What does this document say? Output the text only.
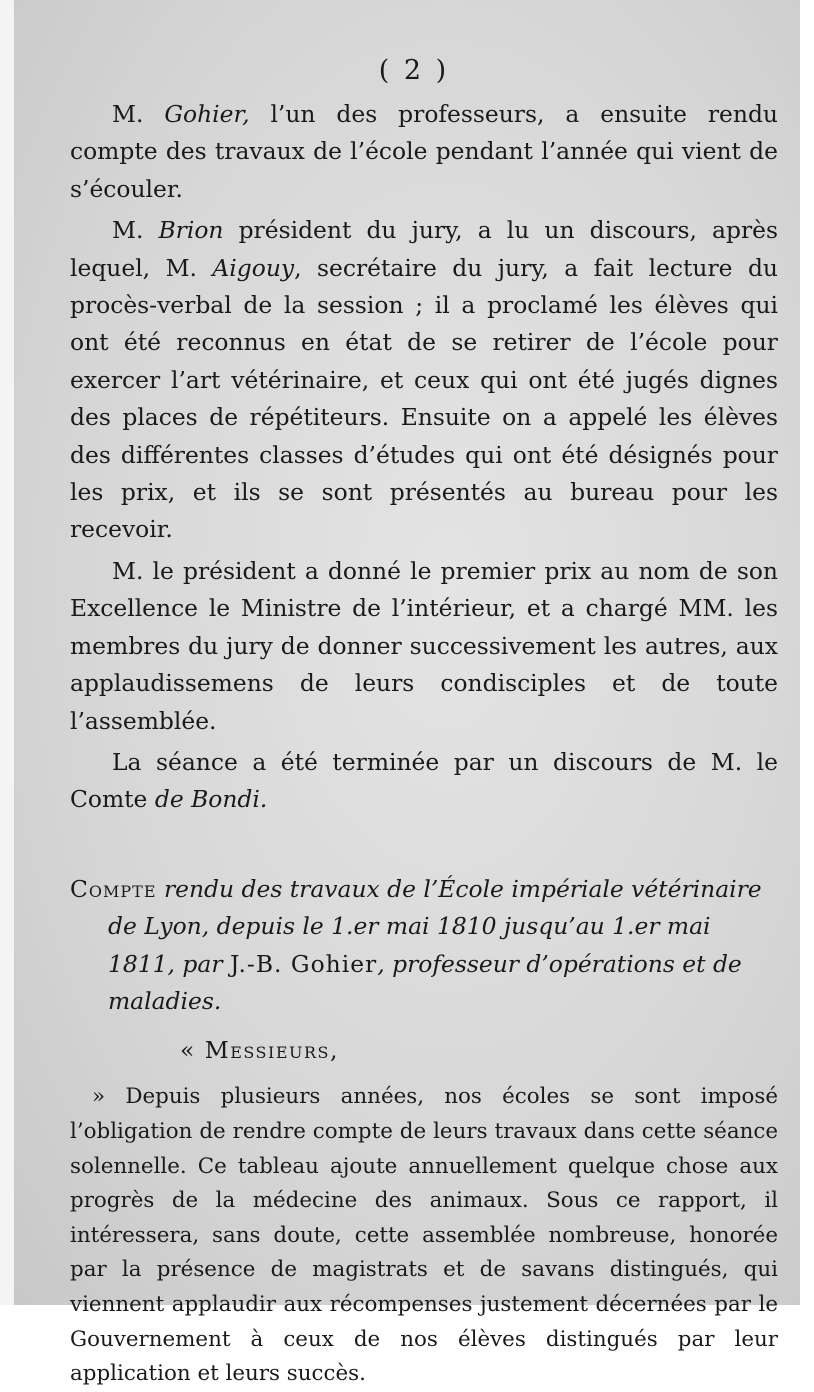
( 2 )

M. Gohier, l’un des professeurs, a ensuite rendu compte des travaux de l’école pendant l’année qui vient de s’écouler.

M. Brion président du jury, a lu un discours, après lequel, M. Aigouy, secrétaire du jury, a fait lecture du procès-verbal de la session ; il a proclamé les élèves qui ont été reconnus en état de se retirer de l’école pour exercer l’art vétérinaire, et ceux qui ont été jugés dignes des places de répétiteurs. Ensuite on a appelé les élèves des différentes classes d’études qui ont été désignés pour les prix, et ils se sont présentés au bureau pour les recevoir.

M. le président a donné le premier prix au nom de son Excellence le Ministre de l’intérieur, et a chargé MM. les membres du jury de donner successivement les autres, aux applaudissemens de leurs condisciples et de toute l’assemblée.

La séance a été terminée par un discours de M. le Comte de Bondi.

Compte rendu des travaux de l’École impériale vétérinaire de Lyon, depuis le 1.er mai 1810 jusqu’au 1.er mai 1811, par J.-B. Gohier, professeur d’opérations et de maladies.

« Messieurs,

» Depuis plusieurs années, nos écoles se sont imposé l’obligation de rendre compte de leurs travaux dans cette séance solennelle. Ce tableau ajoute annuellement quelque chose aux progrès de la médecine des animaux. Sous ce rapport, il intéressera, sans doute, cette assemblée nombreuse, honorée par la présence de magistrats et de savans distingués, qui viennent applaudir aux récompenses justement décernées par le Gouvernement à ceux de nos élèves distingués par leur application et leurs succès.
